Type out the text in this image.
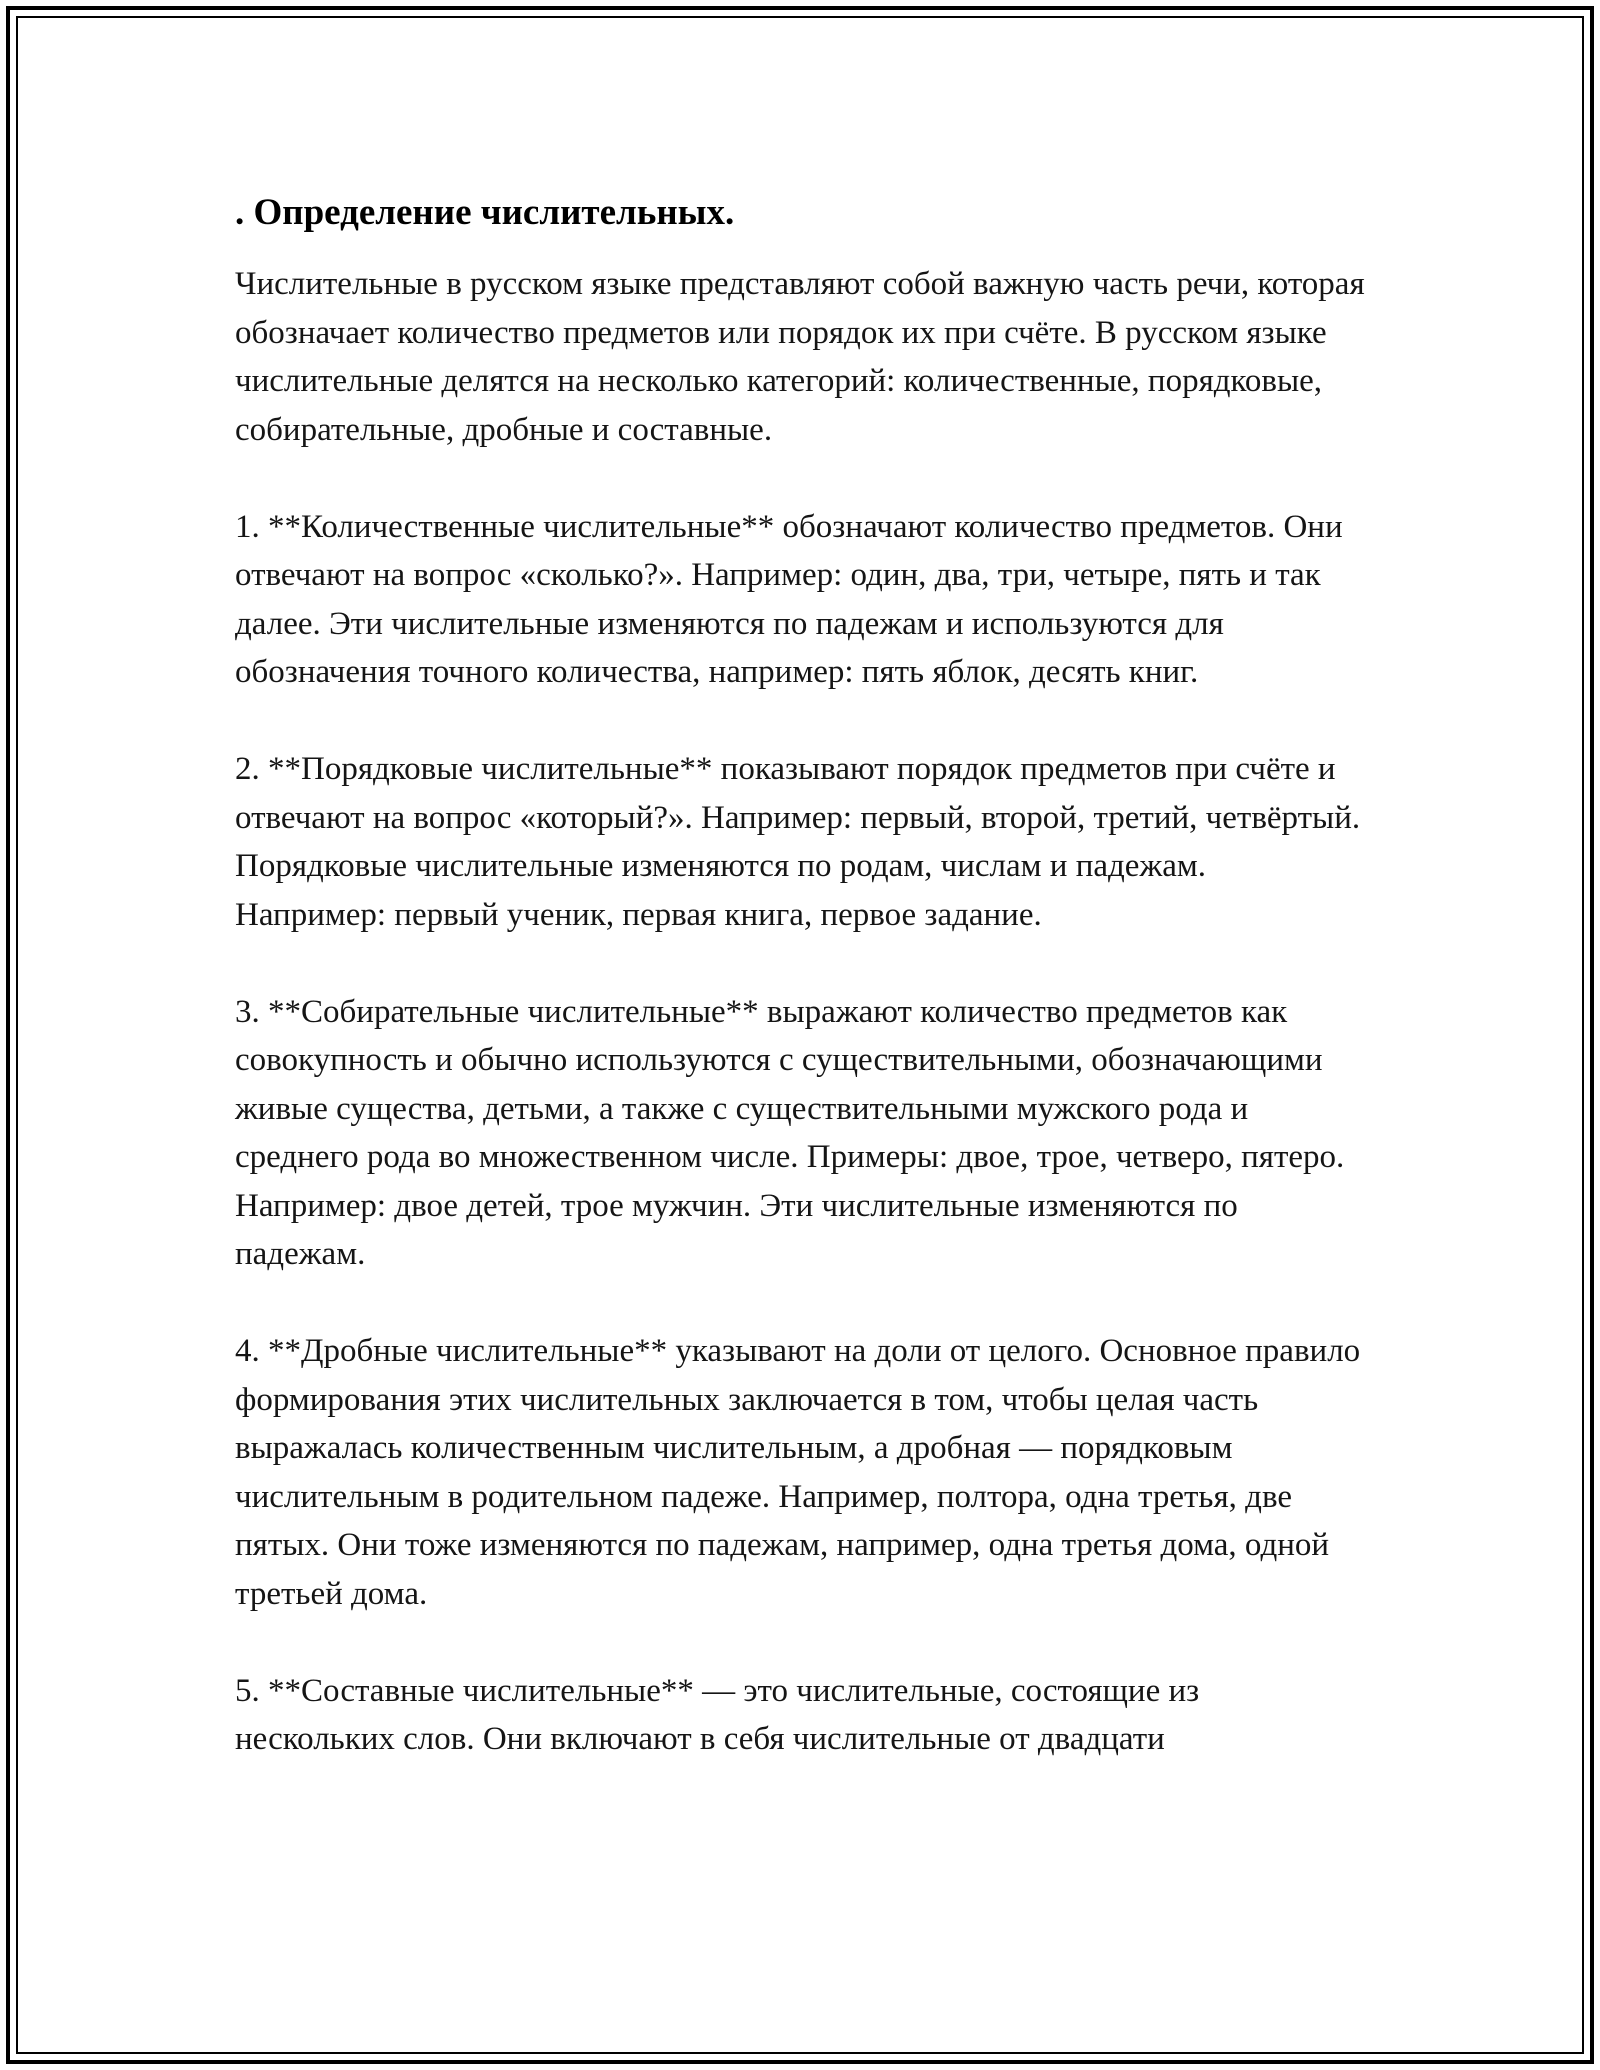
. Определение числительных.

Числительные в русском языке представляют собой важную часть речи, которая обозначает количество предметов или порядок их при счёте. В русском языке числительные делятся на несколько категорий: количественные, порядковые, собирательные, дробные и составные.

1. **Количественные числительные** обозначают количество предметов. Они отвечают на вопрос «сколько?». Например: один, два, три, четыре, пять и так далее. Эти числительные изменяются по падежам и используются для обозначения точного количества, например: пять яблок, десять книг.

2. **Порядковые числительные** показывают порядок предметов при счёте и отвечают на вопрос «который?». Например: первый, второй, третий, четвёртый. Порядковые числительные изменяются по родам, числам и падежам. Например: первый ученик, первая книга, первое задание.

3. **Собирательные числительные** выражают количество предметов как совокупность и обычно используются с существительными, обозначающими живые существа, детьми, а также с существительными мужского рода и среднего рода во множественном числе. Примеры: двое, трое, четверо, пятеро. Например: двое детей, трое мужчин. Эти числительные изменяются по падежам.

4. **Дробные числительные** указывают на доли от целого. Основное правило формирования этих числительных заключается в том, чтобы целая часть выражалась количественным числительным, а дробная — порядковым числительным в родительном падеже. Например, полтора, одна третья, две пятых. Они тоже изменяются по падежам, например, одна третья дома, одной третьей дома.

5. **Составные числительные** — это числительные, состоящие из нескольких слов. Они включают в себя числительные от двадцати
